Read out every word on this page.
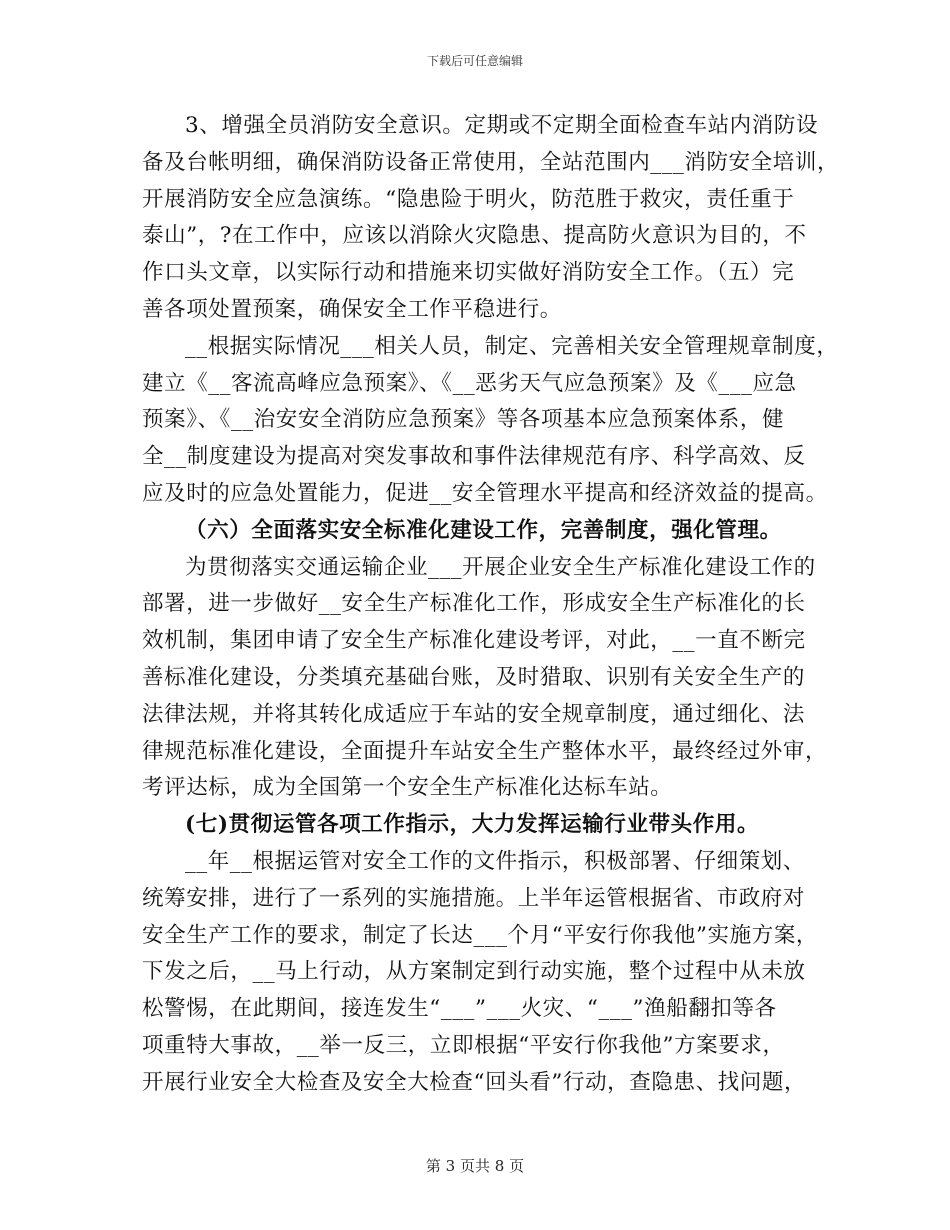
下载后可任意编辑
3、增强全员消防安全意识。定期或不定期全面检查车站内消防设
备及台帐明细，确保消防设备正常使用，全站范围内___消防安全培训，
开展消防安全应急演练。“隐患险于明火，防范胜于救灾，责任重于
泰山”，?在工作中，应该以消除火灾隐患、提高防火意识为目的，不
作口头文章，以实际行动和措施来切实做好消防安全工作。（五）完
善各项处置预案，确保安全工作平稳进行。
__根据实际情况___相关人员，制定、完善相关安全管理规章制度，
建立《__客流高峰应急预案》、《__恶劣天气应急预案》及《___应急
预案》、《__治安安全消防应急预案》等各项基本应急预案体系，健
全__制度建设为提高对突发事故和事件法律规范有序、科学高效、反
应及时的应急处置能力，促进__安全管理水平提高和经济效益的提高。
（六）全面落实安全标准化建设工作，完善制度，强化管理。
为贯彻落实交通运输企业___开展企业安全生产标准化建设工作的
部署，进一步做好__安全生产标准化工作，形成安全生产标准化的长
效机制，集团申请了安全生产标准化建设考评，对此，__一直不断完
善标准化建设，分类填充基础台账，及时猎取、识别有关安全生产的
法律法规，并将其转化成适应于车站的安全规章制度，通过细化、法
律规范标准化建设，全面提升车站安全生产整体水平，最终经过外审，
考评达标，成为全国第一个安全生产标准化达标车站。
(七)贯彻运管各项工作指示，大力发挥运输行业带头作用。
__年__根据运管对安全工作的文件指示，积极部署、仔细策划、
统筹安排，进行了一系列的实施措施。上半年运管根据省、市政府对
安全生产工作的要求，制定了长达___个月“平安行你我他”实施方案，
下发之后，__马上行动，从方案制定到行动实施，整个过程中从未放
松警惕，在此期间，接连发生“___”___火灾、“___”渔船翻扣等各
项重特大事故，__举一反三，立即根据“平安行你我他”方案要求，
开展行业安全大检查及安全大检查“回头看”行动，查隐患、找问题，
第 3 页共 8 页
